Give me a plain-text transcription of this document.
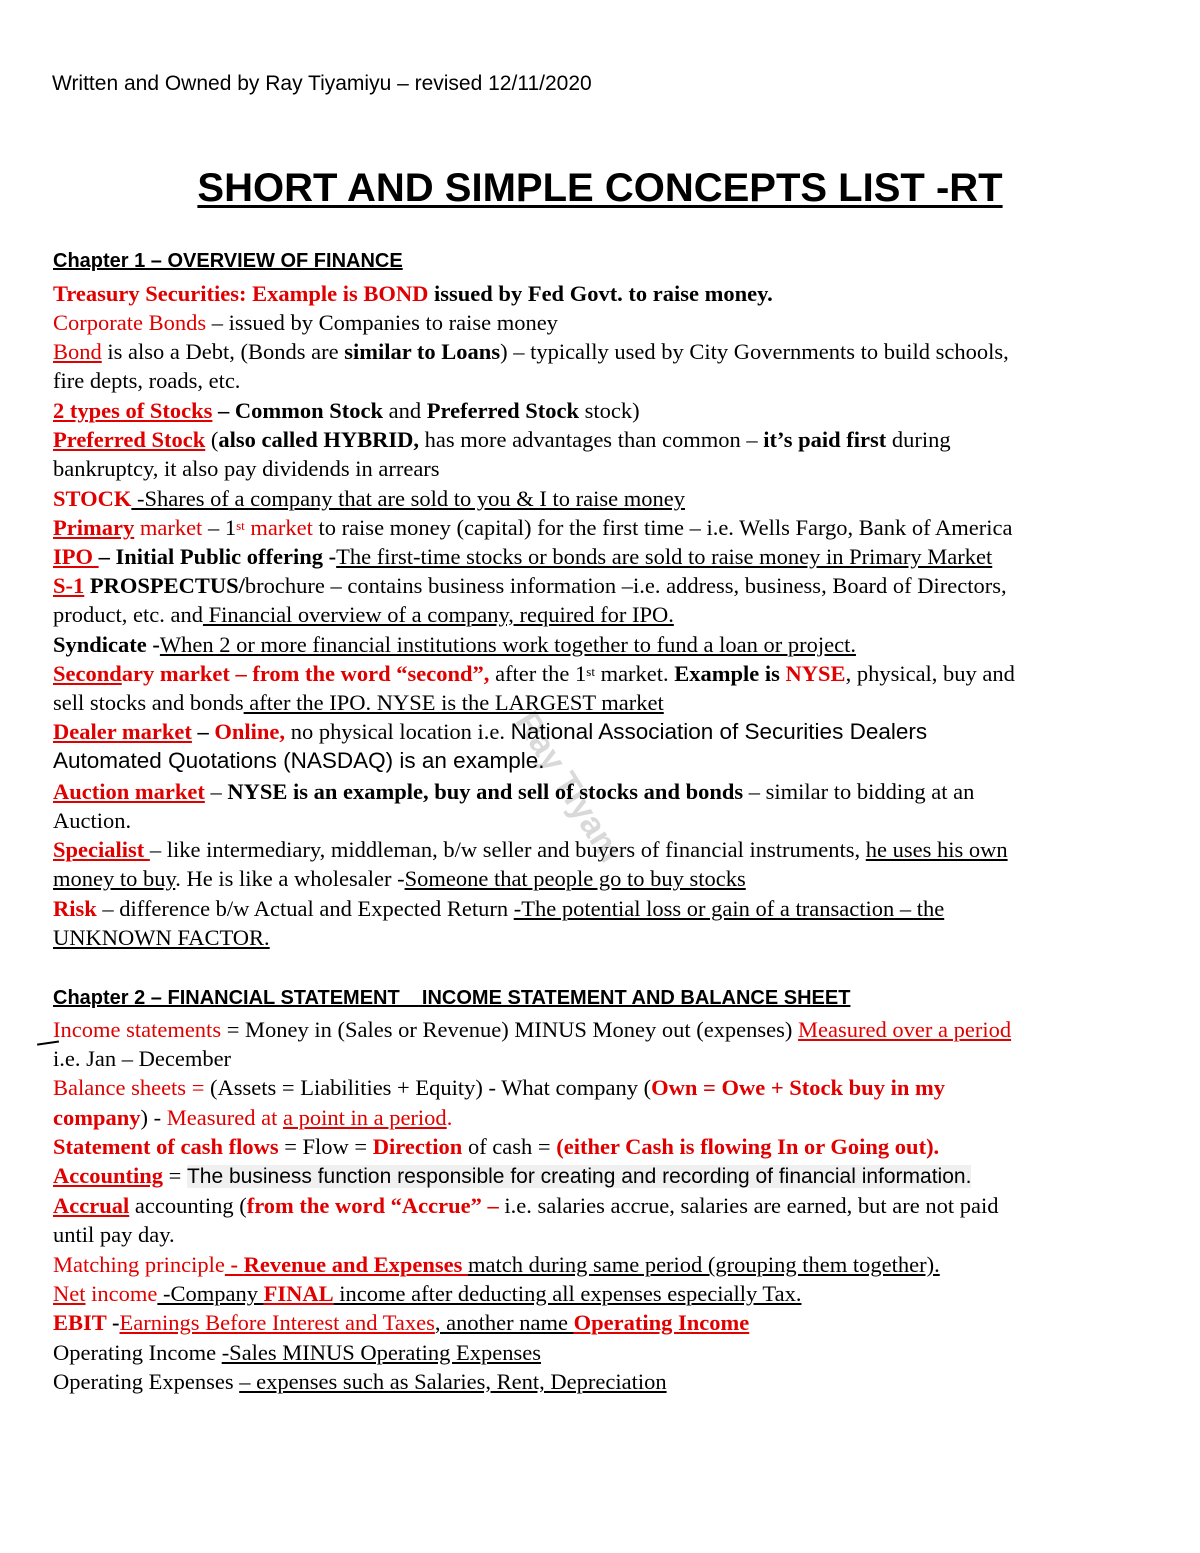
Written and Owned by Ray Tiyamiyu – revised 12/11/2020
SHORT AND SIMPLE CONCEPTS LIST -RT
Ray Tiyam
Chapter 1 – OVERVIEW OF FINANCE
Treasury Securities: Example is BOND issued by Fed Govt. to raise money.
Corporate Bonds – issued by Companies to raise money
Bond is also a Debt, (Bonds are similar to Loans) – typically used by City Governments to build schools,
fire depts, roads, etc.
2 types of Stocks – Common Stock and Preferred Stock stock)
Preferred Stock (also called HYBRID, has more advantages than common – it’s paid first during
bankruptcy, it also pay dividends in arrears
STOCK -Shares of a company that are sold to you & I to raise money
Primary market – 1st market to raise money (capital) for the first time – i.e. Wells Fargo, Bank of America
IPO – Initial Public offering -The first-time stocks or bonds are sold to raise money in Primary Market
S-1 PROSPECTUS/brochure – contains business information –i.e. address, business, Board of Directors,
product, etc. and Financial overview of a company, required for IPO.
Syndicate -When 2 or more financial institutions work together to fund a loan or project.
Secondary market – from the word “second”, after the 1st market. Example is NYSE, physical, buy and
sell stocks and bonds after the IPO. NYSE is the LARGEST market
Dealer market – Online, no physical location i.e. National Association of Securities Dealers
Automated Quotations (NASDAQ) is an example.
Auction market – NYSE is an example, buy and sell of stocks and bonds – similar to bidding at an
Auction.
Specialist – like intermediary, middleman, b/w seller and buyers of financial instruments, he uses his own
money to buy. He is like a wholesaler -Someone that people go to buy stocks
Risk – difference b/w Actual and Expected Return -The potential loss or gain of a transaction – the
UNKNOWN FACTOR.
Chapter 2 – FINANCIAL STATEMENT    INCOME STATEMENT AND BALANCE SHEET
Income statements = Money in (Sales or Revenue) MINUS Money out (expenses) Measured over a period
i.e. Jan – December
Balance sheets = (Assets = Liabilities + Equity) - What company (Own = Owe + Stock buy in my
company) - Measured at a point in a period.
Statement of cash flows = Flow = Direction of cash = (either Cash is flowing In or Going out).
Accounting = The business function responsible for creating and recording of financial information.
Accrual accounting (from the word “Accrue” – i.e. salaries accrue, salaries are earned, but are not paid
until pay day.
Matching principle - Revenue and Expenses match during same period (grouping them together).
Net income -Company FINAL income after deducting all expenses especially Tax.
EBIT -Earnings Before Interest and Taxes, another name Operating Income
Operating Income -Sales MINUS Operating Expenses
Operating Expenses – expenses such as Salaries, Rent, Depreciation
